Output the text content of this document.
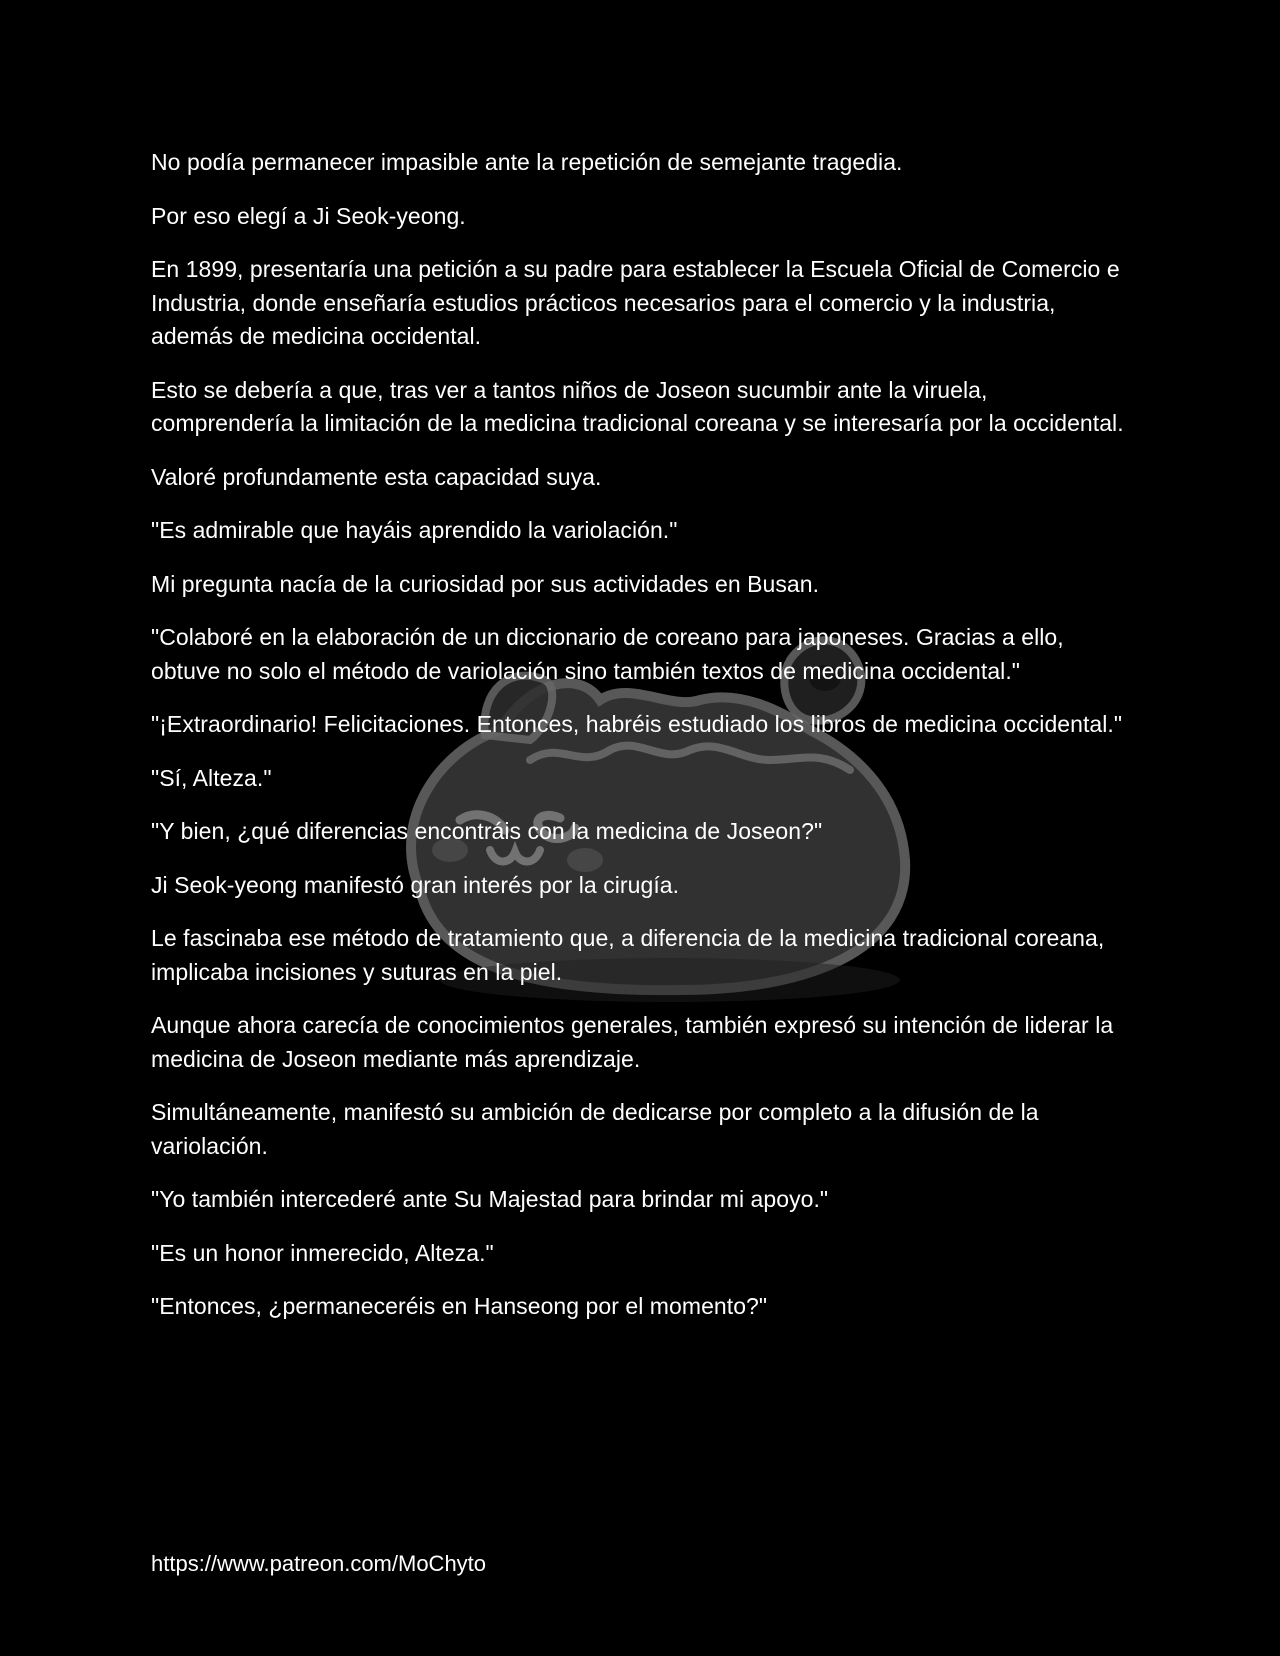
No podía permanecer impasible ante la repetición de semejante tragedia.

Por eso elegí a Ji Seok-yeong.

En 1899, presentaría una petición a su padre para establecer la Escuela Oficial de Comercio e Industria, donde enseñaría estudios prácticos necesarios para el comercio y la industria, además de medicina occidental.

Esto se debería a que, tras ver a tantos niños de Joseon sucumbir ante la viruela, comprendería la limitación de la medicina tradicional coreana y se interesaría por la occidental.

Valoré profundamente esta capacidad suya.

"Es admirable que hayáis aprendido la variolación."

Mi pregunta nacía de la curiosidad por sus actividades en Busan.

"Colaboré en la elaboración de un diccionario de coreano para japoneses. Gracias a ello, obtuve no solo el método de variolación sino también textos de medicina occidental."

"¡Extraordinario! Felicitaciones. Entonces, habréis estudiado los libros de medicina occidental."

"Sí, Alteza."

"Y bien, ¿qué diferencias encontráis con la medicina de Joseon?"

Ji Seok-yeong manifestó gran interés por la cirugía.

Le fascinaba ese método de tratamiento que, a diferencia de la medicina tradicional coreana, implicaba incisiones y suturas en la piel.

Aunque ahora carecía de conocimientos generales, también expresó su intención de liderar la medicina de Joseon mediante más aprendizaje.

Simultáneamente, manifestó su ambición de dedicarse por completo a la difusión de la variolación.

"Yo también intercederé ante Su Majestad para brindar mi apoyo."

"Es un honor inmerecido, Alteza."

"Entonces, ¿permaneceréis en Hanseong por el momento?"

https://www.patreon.com/MoChyto
